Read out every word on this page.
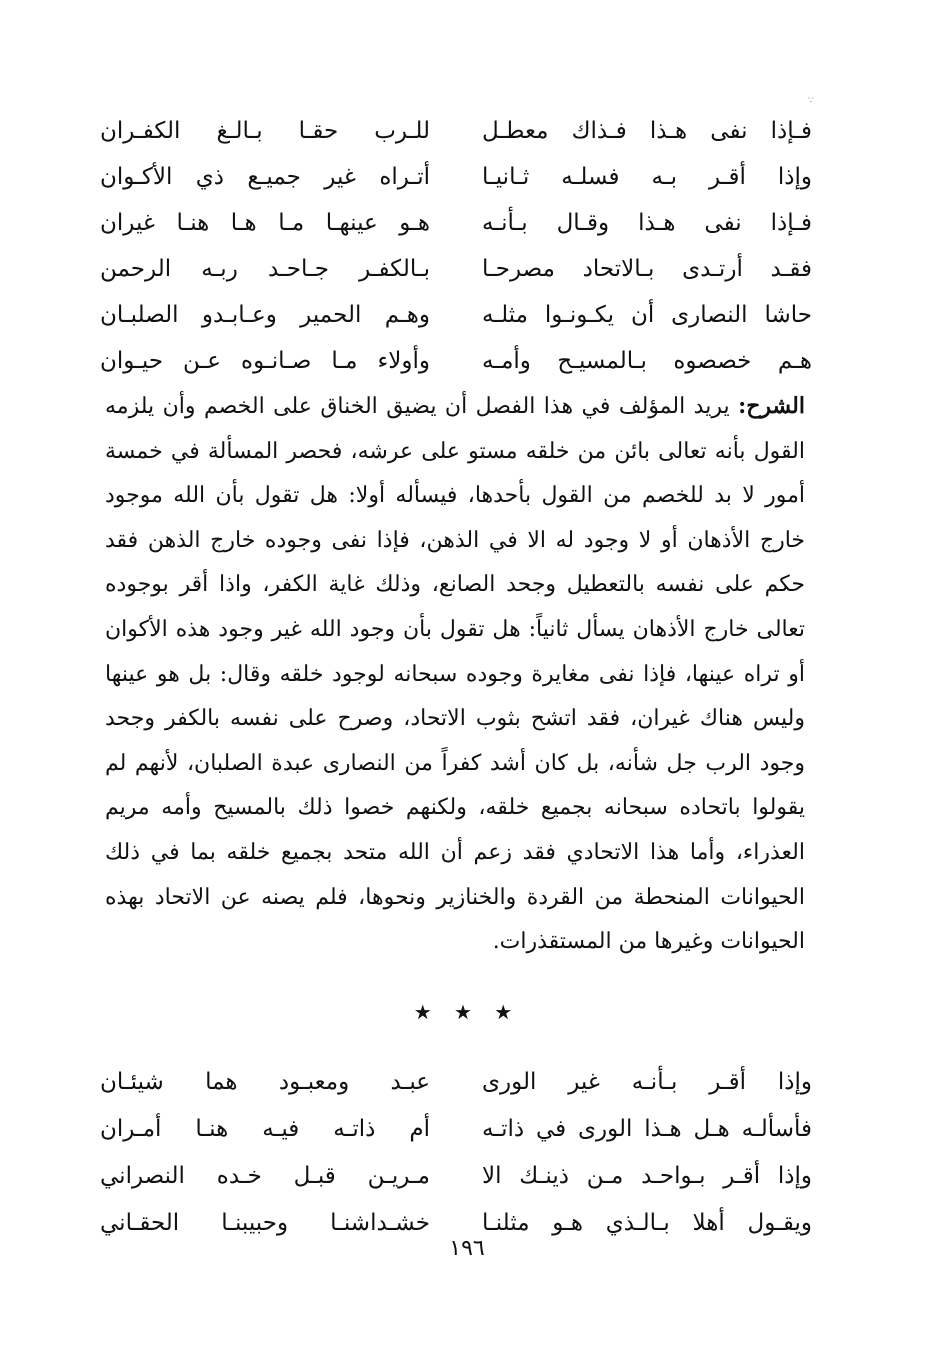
∵
فـإذا نفى هـذا فـذاك معطـل
للـرب حقـا بـالـغ الكفـران
وإذا أقـر بـه فسلـه ثـانيـا
أتـراه غير جميـع ذي الأكـوان
فـإذا نفى هـذا وقـال بـأنـه
هـو عينهـا مـا هـا هنـا غيران
فقـد أرتـدى بـالاتحاد مصرحـا
بـالكفـر جـاحـد ربـه الرحمن
حاشا النصارى أن يكـونـوا مثلـه
وهـم الحمير وعـابـدو الصلبـان
هـم خصصوه بـالمسيـح وأمـه
وأولاء مـا صـانـوه عـن حيـوان
الشرح: يريد المؤلف في هذا الفصل أن يضيق الخناق على الخصم وأن يلزمه القول بأنه تعالى بائن من خلقه مستو على عرشه، فحصر المسألة في خمسة أمور لا بد للخصم من القول بأحدها، فيسأله أولا: هل تقول بأن الله موجود خارج الأذهان أو لا وجود له الا في الذهن، فإذا نفى وجوده خارج الذهن فقد حكم على نفسه بالتعطيل وجحد الصانع، وذلك غاية الكفر، واذا أقر بوجوده تعالى خارج الأذهان يسأل ثانياً: هل تقول بأن وجود الله غير وجود هذه الأكوان أو تراه عينها، فإذا نفى مغايرة وجوده سبحانه لوجود خلقه وقال: بل هو عينها وليس هناك غيران، فقد اتشح بثوب الاتحاد، وصرح على نفسه بالكفر وجحد وجود الرب جل شأنه، بل كان أشد كفراً من النصارى عبدة الصلبان، لأنهم لم يقولوا باتحاده سبحانه بجميع خلقه، ولكنهم خصوا ذلك بالمسيح وأمه مريم العذراء، وأما هذا الاتحادي فقد زعم أن الله متحد بجميع خلقه بما في ذلك الحيوانات المنحطة من القردة والخنازير ونحوها، فلم يصنه عن الاتحاد بهذه الحيوانات وغيرها من المستقذرات.
★ ★ ★
وإذا أقـر بـأنـه غير الورى
عبـد ومعبـود هما شيئـان
فأسألـه هـل هـذا الورى في ذاتـه
أم ذاتـه فيـه هنـا أمـران
وإذا أقـر بـواحـد مـن ذينـك الا
مـريـن قبـل خـده النصراني
ويقـول أهلا بـالـذي هـو مثلنـا
خشـداشنـا وحبيبنـا الحقـاني
١٩٦
